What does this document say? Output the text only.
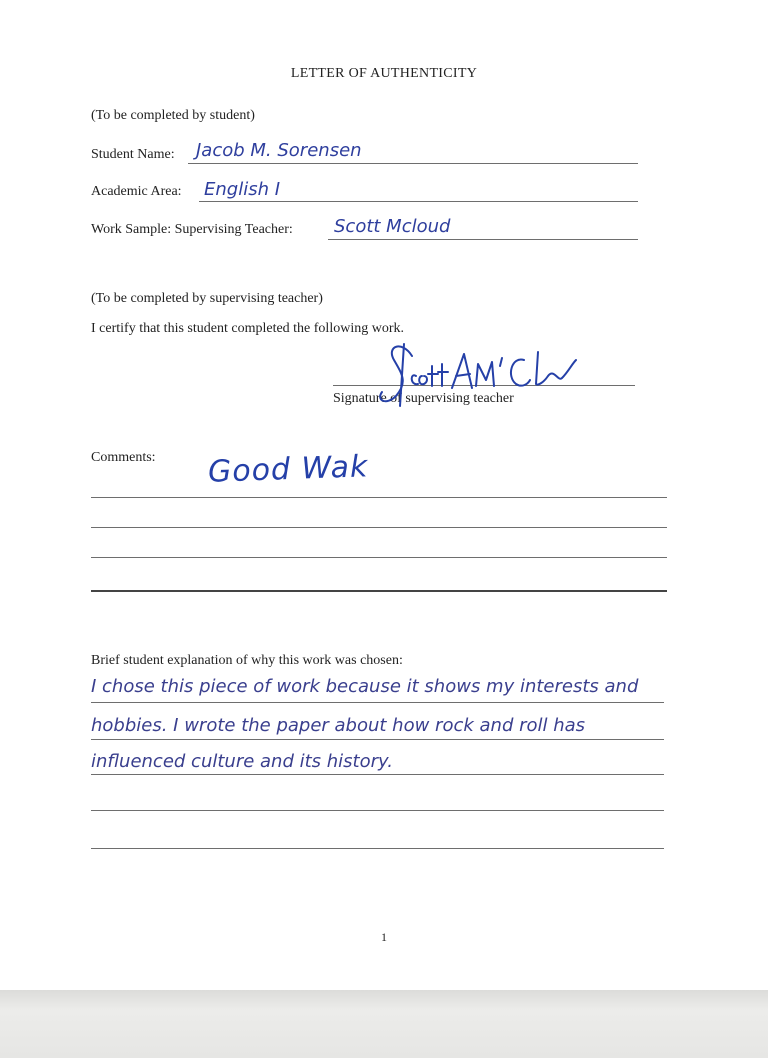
LETTER OF AUTHENTICITY
(To be completed by student)
Student Name: Jacob M. Sorensen
Academic Area: English I
Work Sample: Supervising Teacher: Scott Mcloud
(To be completed by supervising teacher)
I certify that this student completed the following work.
Signature of supervising teacher
Comments: Good Wak
Brief student explanation of why this work was chosen:
I chose this piece of work because it shows my interests and
hobbies. I wrote the paper about how rock and roll has
influenced culture and its history.
1
